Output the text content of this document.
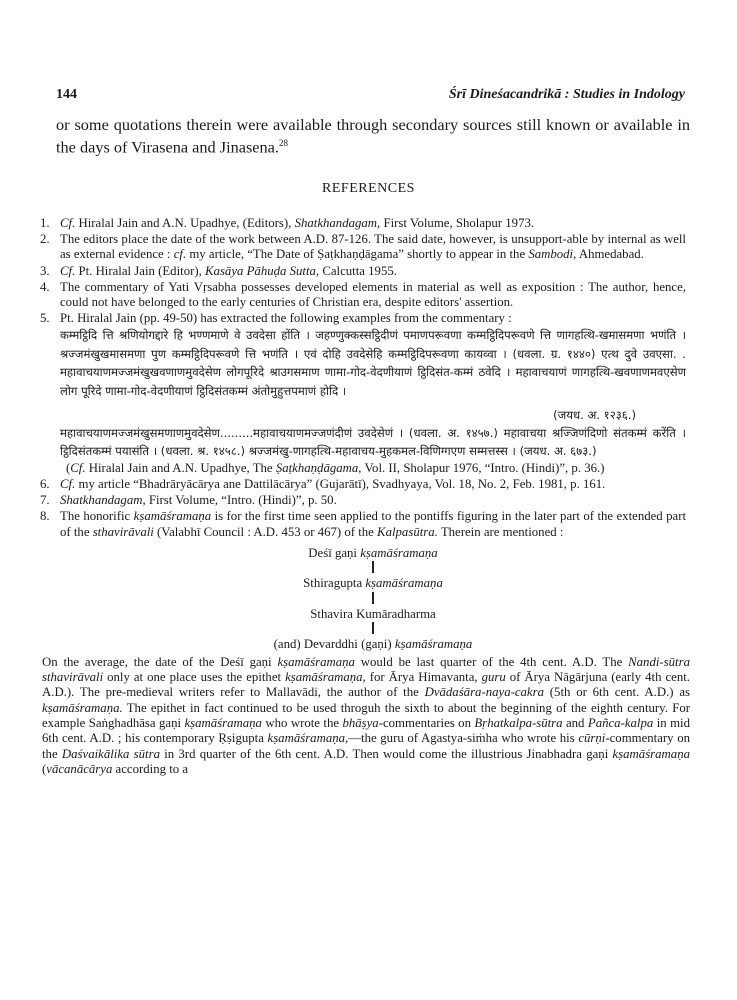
144	Śrī Dineśacandrikā : Studies in Indology
or some quotations therein were available through secondary sources still known or available in the days of Virasena and Jinasena.$^{28}$
REFERENCES
1. Cf. Hiralal Jain and A.N. Upadhye, (Editors), Shatkhandagam, First Volume, Sholapur 1973.
2. The editors place the date of the work between A.D. 87-126. The said date, however, is unsupport-able by internal as well as external evidence : cf. my article, “The Date of Ṣaṭkhaṇḍāgama” shortly to appear in the Sambodi, Ahmedabad.
3. Cf. Pt. Hiralal Jain (Editor), Kasāya Pāhuḍa Sutta, Calcutta 1955.
4. The commentary of Yati Vṛsabha possesses developed elements in material as well as exposition : The author, hence, could not have belonged to the early centuries of Christian era, despite editors' assertion.
5. Pt. Hiralal Jain (pp. 49-50) has extracted the following examples from the commentary :
कम्मट्ठिदि त्ति श्रणियोगद्दारे हि भण्णमाणे वे उवदेसा होंति । जहण्णुक्कस्सट्ठिदीणं पमाणपरूवणा कम्मट्ठिदिपरूवणे त्ति णागहत्थि-खमासमणा भणंति । श्रज्जमंखुखमासमणा पुण कम्मट्ठिदिपरूवणे त्ति भणंति । एवं दोहि उवदेसेहि कम्मट्ठिदिपरूवणा कायव्वा । (धवला. ग्र. १४४०) एत्थ दुवे उवएसा. . महावाचयाणमज्जमंखुखवणाणमुवदेसेण लोगपूरिदे श्राउगसमाण णामा-गोद-वेदणीयाणं ट्ठिदिसंत-कम्मं ठवेदि । महावाचयाणं णागहत्थि-खवणाणमवएसेण लोग पूरिदे णामा-गोद-वेदणीयाणं ट्ठिदिसंतकम्मं अंतोमुहुत्तपमाणं होदि ।
(जयध. अ. १२३६.)
महावाचयाणमज्जमंखुसमणाणमुवदेसेण.........महावाचयाणमज्जणंदीणं उवदेसेणं । (धवला. अ. १४५७.) महावाचया श्रज्जिणंदिणो संतकम्मं करेंति । ट्ठिदिसंतकम्मं पयासंति । (धवला. श्र. १४५८.) श्रज्जमंखु-णागहत्थि-महावाचय-मुहकमल-विणिग्गएण सम्मत्तस्स । (जयध. अ. ६७३.)
(Cf. Hiralal Jain and A.N. Upadhye, The Ṣaṭkhaṇḍāgama, Vol. II, Sholapur 1976, “Intro. (Hindi)”, p. 36.)
6. Cf. my article “Bhadrāryācārya ane Dattilācārya” (Gujarātī), Svadhyaya, Vol. 18, No. 2, Feb. 1981, p. 161.
7. Shatkhandagam, First Volume, “Intro. (Hindi)”, p. 50.
8. The honorific kṣamāśramaṇa is for the first time seen applied to the pontiffs figuring in the later part of the extended part of the sthavirāvali (Valabhī Council : A.D. 453 or 467) of the Kalpasūtra. Therein are mentioned :
Deśī gaṇi kṣamāśramaṇa
Sthiragupta kṣamāśramaṇa
Sthavira Kumāradharma
(and) Devarddhi (gaṇi) kṣamāśramaṇa
On the average, the date of the Deśī gaṇi kṣamāśramaṇa would be last quarter of the 4th cent. A.D. The Nandi-sūtra sthavirāvali only at one place uses the epithet kṣamāśramaṇa, for Ārya Himavanta, guru of Ārya Nāgārjuna (early 4th cent. A.D.). The pre-medieval writers refer to Mallavādi, the author of the Dvādaśāra-naya-cakra (5th or 6th cent. A.D.) as kṣamāśramaṇa. The epithet in fact continued to be used throguh the sixth to about the beginning of the eighth century. For example Saṅghadhāsa gaṇi kṣamāśramaṇa who wrote the bhāṣya-commentaries on Bṛhatkalpa-sūtra and Pañca-kalpa in mid 6th cent. A.D. ; his contemporary Ṛṣigupta kṣamāśramaṇa,—the guru of Agastya-siṁha who wrote his cūrṇi-commentary on the Daśvaikālika sūtra in 3rd quarter of the 6th cent. A.D. Then would come the illustrious Jinabhadra gaṇi kṣamāśramaṇa (vācanācārya according to a
